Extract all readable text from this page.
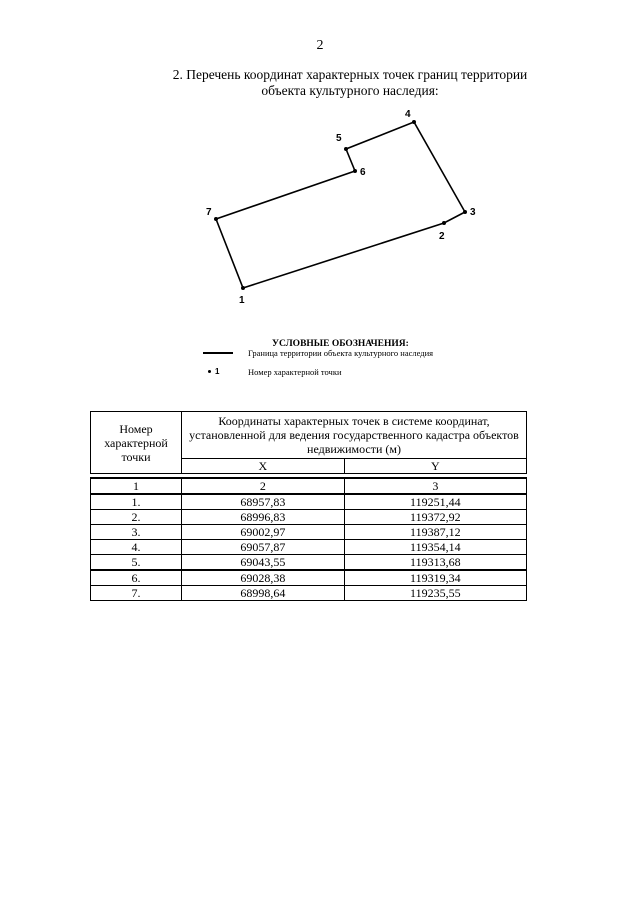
2
2. Перечень координат характерных точек границ территории
объекта культурного наследия:
1
2
3
4
5
6
7
УСЛОВНЫЕ ОБОЗНАЧЕНИЯ:
Граница территории объекта культурного наследия
1	Номер характерной точки
Номер характерной точки	Координаты характерных точек в системе координат, установленной для ведения государственного кадастра объектов недвижимости (м)	
	X	Y

1	2	3
1.	68957,83	119251,44
2.	68996,83	119372,92
3.	69002,97	119387,12
4.	69057,87	119354,14
5.	69043,55	119313,68
6.	69028,38	119319,34
7.	68998,64	119235,55
